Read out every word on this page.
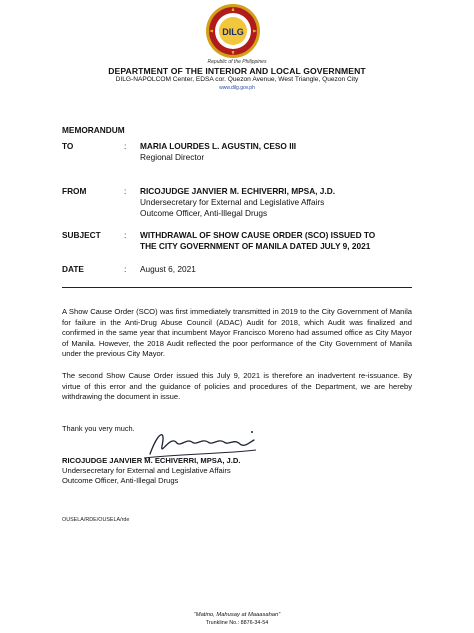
DILG
Republic of the Philippines
DEPARTMENT OF THE INTERIOR AND LOCAL GOVERNMENT
DILG-NAPOLCOM Center, EDSA cor. Quezon Avenue, West Triangle, Quezon City
www.dilg.gov.ph
MEMORANDUM
TO	: MARIA LOURDES L. AGUSTIN, CESO III
Regional Director
FROM	: RICOJUDGE JANVIER M. ECHIVERRI, MPSA, J.D.
Undersecretary for External and Legislative Affairs
Outcome Officer, Anti-Illegal Drugs
SUBJECT	: WITHDRAWAL OF SHOW CAUSE ORDER (SCO) ISSUED TO
THE CITY GOVERNMENT OF MANILA DATED JULY 9, 2021
DATE	: August 6, 2021
A Show Cause Order (SCO) was first immediately transmitted in 2019 to the City Government of Manila for failure in the Anti-Drug Abuse Council (ADAC) Audit for 2018, which Audit was finalized and confirmed in the same year that incumbent Mayor Francisco Moreno had assumed office as City Mayor of Manila. However, the 2018 Audit reflected the poor performance of the City Government of Manila under the previous City Mayor.
The second Show Cause Order issued this July 9, 2021 is therefore an inadvertent re-issuance. By virtue of this error and the guidance of policies and procedures of the Department, we are hereby withdrawing the document in issue.
Thank you very much.
RICOJUDGE JANVIER M. ECHIVERRI, MPSA, J.D.
Undersecretary for External and Legislative Affairs
Outcome Officer, Anti-Illegal Drugs
OUSELA/RDE/OUSELA/rde
“Matino, Mahusay at Maaasahan”
Trunkline No.: 8876-34-54
